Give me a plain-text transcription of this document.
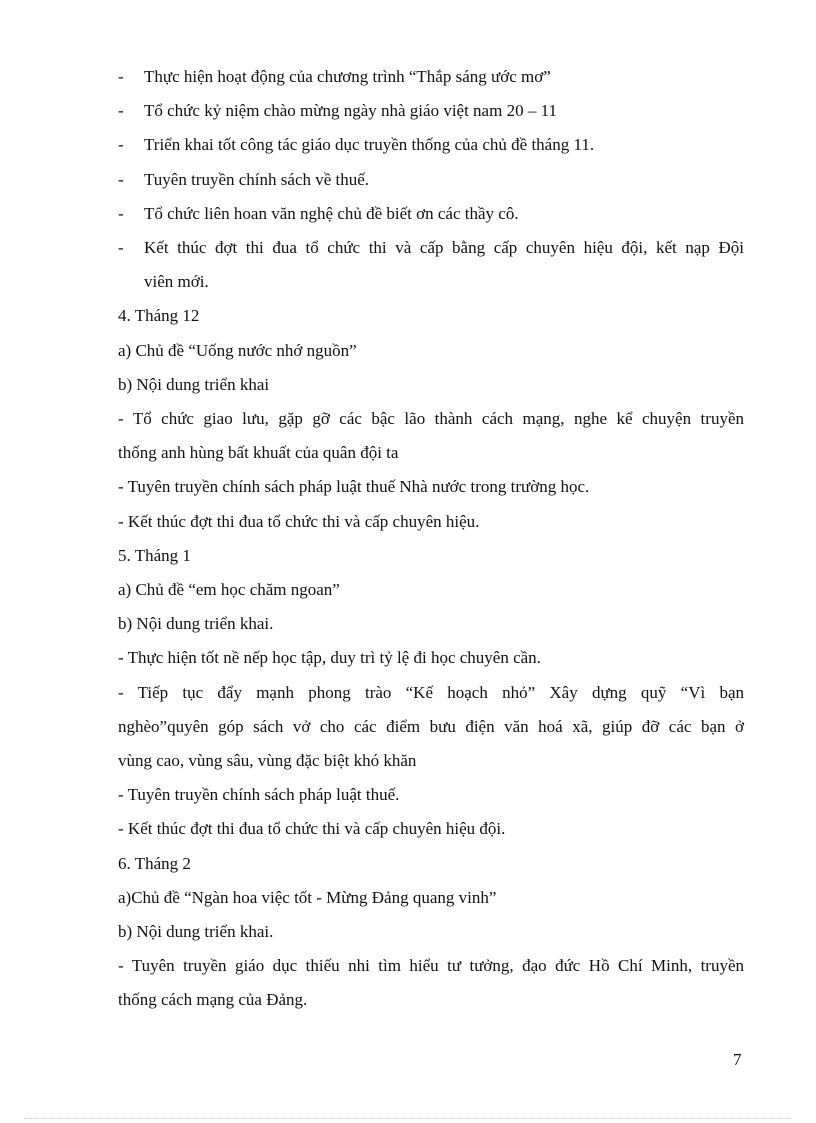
-	Thực hiện hoạt động của chương trình “Thắp sáng ước mơ”
-	Tổ chức kỷ niệm chào mừng ngày nhà giáo việt nam 20 – 11
-	Triển khai tốt công tác giáo dục truyền thống của chủ đề tháng 11.
-	Tuyên truyền chính sách về thuế.
-	Tổ chức liên hoan văn nghệ chủ đề biết ơn các thầy cô.
-	Kết thúc đợt thi đua tổ chức thi và cấp bằng cấp chuyên hiệu đội, kết nạp Đội
viên mới.
4. Tháng 12
a) Chủ đề “Uống nước nhớ nguồn”
b) Nội dung triển khai
- Tổ chức giao lưu, gặp gỡ các bậc lão thành cách mạng, nghe kể chuyện truyền
thống anh hùng bất khuất của quân đội ta
- Tuyên truyền chính sách pháp luật thuế Nhà nước trong trường học.
- Kết thúc đợt thi đua tổ chức thi và cấp chuyên hiệu.
5. Tháng 1
a) Chủ đề “em học chăm ngoan”
b) Nội dung triển khai.
- Thực hiện tốt nề nếp học tập, duy trì tỷ lệ đi học chuyên cần.
- Tiếp tục đẩy mạnh phong trào “Kế hoạch nhỏ” Xây dựng quỹ “Vì bạn
nghèo”quyên góp sách vở cho các điểm bưu điện văn hoá xã, giúp đỡ các bạn ở
vùng cao, vùng sâu, vùng đặc biệt khó khăn
- Tuyên truyền chính sách pháp luật thuế.
- Kết thúc đợt thi đua tổ chức thi và cấp chuyên hiệu đội.
6. Tháng 2
a)Chủ đề “Ngàn hoa việc tốt - Mừng Đảng quang vinh”
b) Nội dung triển khai.
- Tuyên truyền giáo dục thiếu nhi tìm hiểu tư tưởng, đạo đức Hồ Chí Minh, truyền
thống cách mạng của Đảng.
7
